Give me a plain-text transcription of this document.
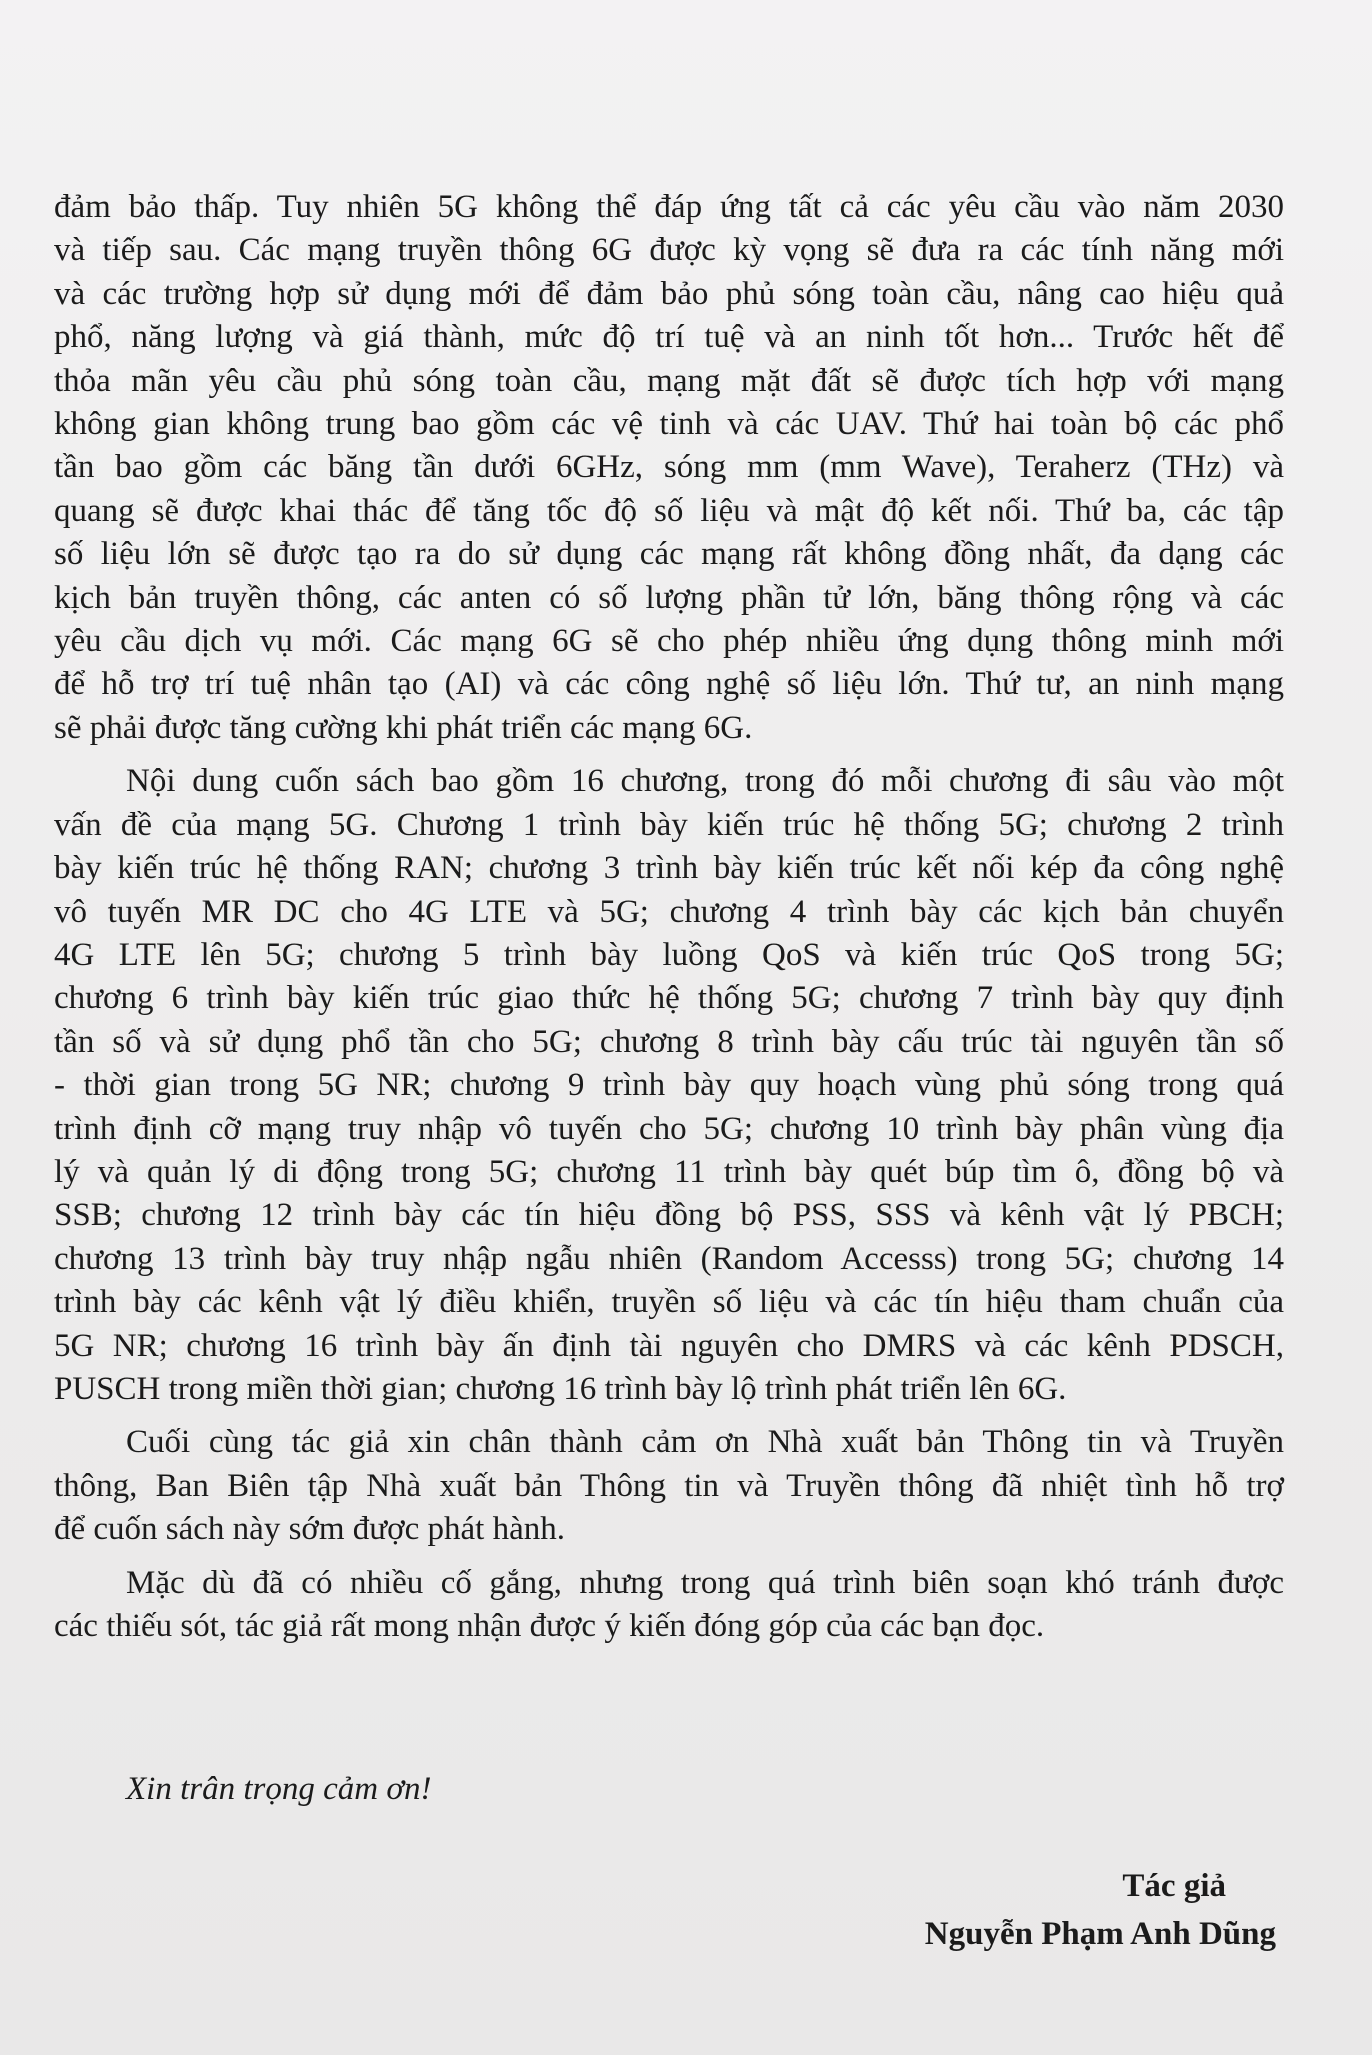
đảm bảo thấp. Tuy nhiên 5G không thể đáp ứng tất cả các yêu cầu vào năm 2030
và tiếp sau. Các mạng truyền thông 6G được kỳ vọng sẽ đưa ra các tính năng mới
và các trường hợp sử dụng mới để đảm bảo phủ sóng toàn cầu, nâng cao hiệu quả
phổ, năng lượng và giá thành, mức độ trí tuệ và an ninh tốt hơn... Trước hết để
thỏa mãn yêu cầu phủ sóng toàn cầu, mạng mặt đất sẽ được tích hợp với mạng
không gian không trung bao gồm các vệ tinh và các UAV. Thứ hai toàn bộ các phổ
tần bao gồm các băng tần dưới 6GHz, sóng mm (mm Wave), Teraherz (THz) và
quang sẽ được khai thác để tăng tốc độ số liệu và mật độ kết nối. Thứ ba, các tập
số liệu lớn sẽ được tạo ra do sử dụng các mạng rất không đồng nhất, đa dạng các
kịch bản truyền thông, các anten có số lượng phần tử lớn, băng thông rộng và các
yêu cầu dịch vụ mới. Các mạng 6G sẽ cho phép nhiều ứng dụng thông minh mới
để hỗ trợ trí tuệ nhân tạo (AI) và các công nghệ số liệu lớn. Thứ tư, an ninh mạng
sẽ phải được tăng cường khi phát triển các mạng 6G.
Nội dung cuốn sách bao gồm 16 chương, trong đó mỗi chương đi sâu vào một
vấn đề của mạng 5G. Chương 1 trình bày kiến trúc hệ thống 5G; chương 2 trình
bày kiến trúc hệ thống RAN; chương 3 trình bày kiến trúc kết nối kép đa công nghệ
vô tuyến MR DC cho 4G LTE và 5G; chương 4 trình bày các kịch bản chuyển
4G LTE lên 5G; chương 5 trình bày luồng QoS và kiến trúc QoS trong 5G;
chương 6 trình bày kiến trúc giao thức hệ thống 5G; chương 7 trình bày quy định
tần số và sử dụng phổ tần cho 5G; chương 8 trình bày cấu trúc tài nguyên tần số
- thời gian trong 5G NR; chương 9 trình bày quy hoạch vùng phủ sóng trong quá
trình định cỡ mạng truy nhập vô tuyến cho 5G; chương 10 trình bày phân vùng địa
lý và quản lý di động trong 5G; chương 11 trình bày quét búp tìm ô, đồng bộ và
SSB; chương 12 trình bày các tín hiệu đồng bộ PSS, SSS và kênh vật lý PBCH;
chương 13 trình bày truy nhập ngẫu nhiên (Random Accesss) trong 5G; chương 14
trình bày các kênh vật lý điều khiển, truyền số liệu và các tín hiệu tham chuẩn của
5G NR; chương 16 trình bày ấn định tài nguyên cho DMRS và các kênh PDSCH,
PUSCH trong miền thời gian; chương 16 trình bày lộ trình phát triển lên 6G.
Cuối cùng tác giả xin chân thành cảm ơn Nhà xuất bản Thông tin và Truyền
thông, Ban Biên tập Nhà xuất bản Thông tin và Truyền thông đã nhiệt tình hỗ trợ
để cuốn sách này sớm được phát hành.
Mặc dù đã có nhiều cố gắng, nhưng trong quá trình biên soạn khó tránh được
các thiếu sót, tác giả rất mong nhận được ý kiến đóng góp của các bạn đọc.
Xin trân trọng cảm ơn!
Tác giả
Nguyễn Phạm Anh Dũng
